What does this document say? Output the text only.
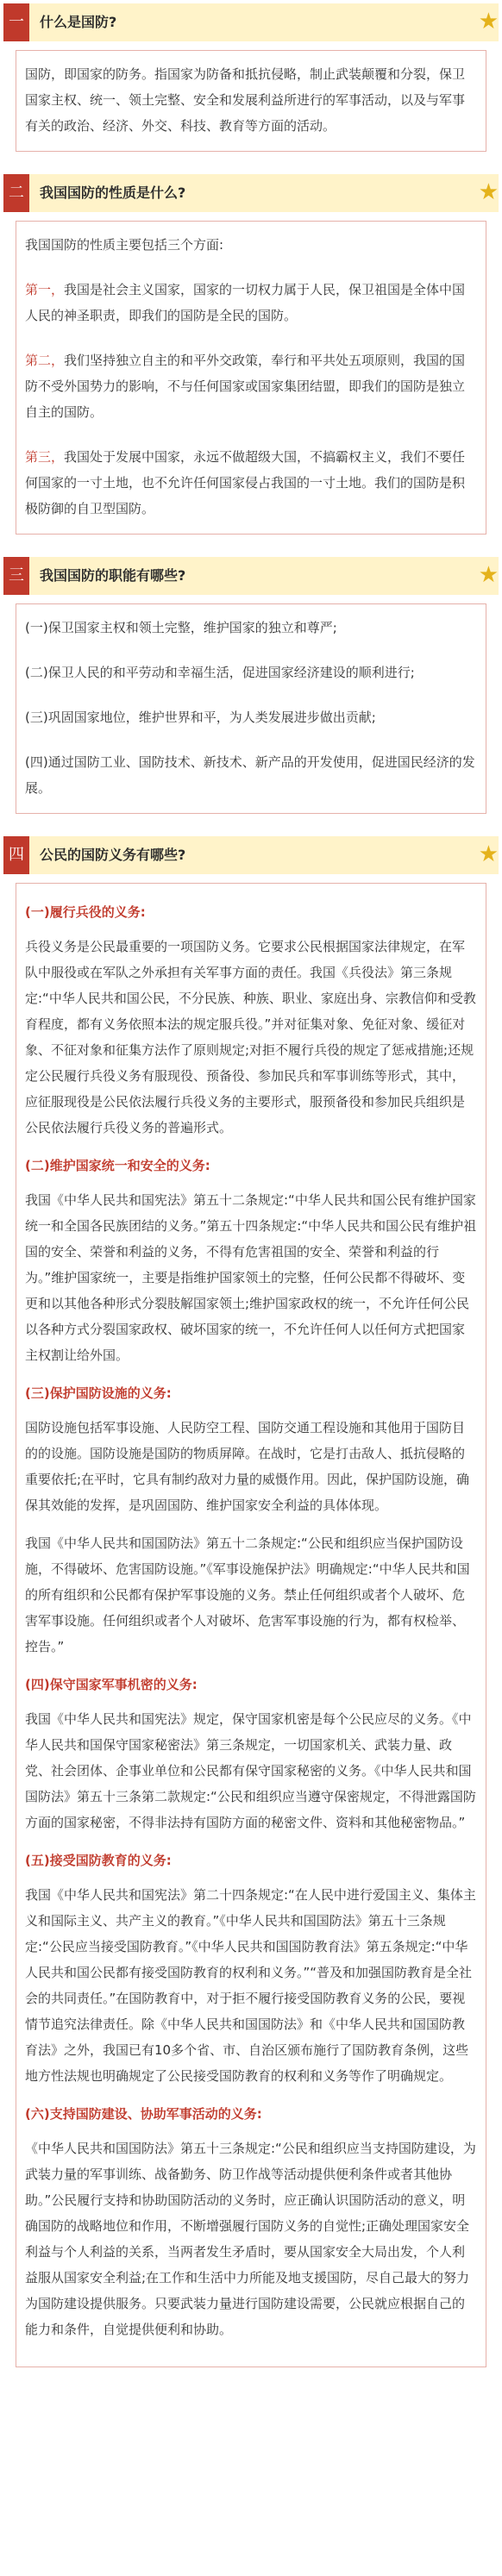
一	什么是国防?	★
国防，即国家的防务。指国家为防备和抵抗侵略，制止武装颠覆和分裂，保卫国家主权、统一、领土完整、安全和发展利益所进行的军事活动，以及与军事有关的政治、经济、外交、科技、教育等方面的活动。
二	我国国防的性质是什么?	★
我国国防的性质主要包括三个方面:
第一，我国是社会主义国家，国家的一切权力属于人民，保卫祖国是全体中国人民的神圣职责，即我们的国防是全民的国防。
第二，我们坚持独立自主的和平外交政策，奉行和平共处五项原则，我国的国防不受外国势力的影响，不与任何国家或国家集团结盟，即我们的国防是独立自主的国防。
第三，我国处于发展中国家，永远不做超级大国，不搞霸权主义，我们不要任何国家的一寸土地，也不允许任何国家侵占我国的一寸土地。我们的国防是积极防御的自卫型国防。
三	我国国防的职能有哪些?	★
(一)保卫国家主权和领土完整，维护国家的独立和尊严;
(二)保卫人民的和平劳动和幸福生活，促进国家经济建设的顺利进行;
(三)巩固国家地位，维护世界和平，为人类发展进步做出贡献;
(四)通过国防工业、国防技术、新技术、新产品的开发使用，促进国民经济的发展。
四	公民的国防义务有哪些?	★
(一)履行兵役的义务:
兵役义务是公民最重要的一项国防义务。它要求公民根据国家法律规定，在军队中服役或在军队之外承担有关军事方面的责任。我国《兵役法》第三条规定:“中华人民共和国公民，不分民族、种族、职业、家庭出身、宗教信仰和受教育程度，都有义务依照本法的规定服兵役。”并对征集对象、免征对象、缓征对象、不征对象和征集方法作了原则规定;对拒不履行兵役的规定了惩戒措施;还规定公民履行兵役义务有服现役、预备役、参加民兵和军事训练等形式，其中，应征服现役是公民依法履行兵役义务的主要形式，服预备役和参加民兵组织是公民依法履行兵役义务的普遍形式。
(二)维护国家统一和安全的义务:
我国《中华人民共和国宪法》第五十二条规定:“中华人民共和国公民有维护国家统一和全国各民族团结的义务。”第五十四条规定:“中华人民共和国公民有维护祖国的安全、荣誉和利益的义务，不得有危害祖国的安全、荣誉和利益的行为。”维护国家统一，主要是指维护国家领土的完整，任何公民都不得破坏、变更和以其他各种形式分裂肢解国家领土;维护国家政权的统一，不允许任何公民以各种方式分裂国家政权、破坏国家的统一，不允许任何人以任何方式把国家主权割让给外国。
(三)保护国防设施的义务:
国防设施包括军事设施、人民防空工程、国防交通工程设施和其他用于国防目的的设施。国防设施是国防的物质屏障。在战时，它是打击敌人、抵抗侵略的重要依托;在平时，它具有制约敌对力量的威慑作用。因此，保护国防设施，确保其效能的发挥，是巩固国防、维护国家安全利益的具体体现。
我国《中华人民共和国国防法》第五十二条规定:“公民和组织应当保护国防设施，不得破坏、危害国防设施。”《军事设施保护法》明确规定:“中华人民共和国的所有组织和公民都有保护军事设施的义务。禁止任何组织或者个人破坏、危害军事设施。任何组织或者个人对破坏、危害军事设施的行为，都有权检举、控告。”
(四)保守国家军事机密的义务:
我国《中华人民共和国宪法》规定，保守国家机密是每个公民应尽的义务。《中华人民共和国保守国家秘密法》第三条规定，一切国家机关、武装力量、政党、社会团体、企事业单位和公民都有保守国家秘密的义务。《中华人民共和国国防法》第五十三条第二款规定:“公民和组织应当遵守保密规定，不得泄露国防方面的国家秘密，不得非法持有国防方面的秘密文件、资料和其他秘密物品。”
(五)接受国防教育的义务:
我国《中华人民共和国宪法》第二十四条规定:“在人民中进行爱国主义、集体主义和国际主义、共产主义的教育。”《中华人民共和国国防法》第五十三条规定:“公民应当接受国防教育。”《中华人民共和国国防教育法》第五条规定:“中华人民共和国公民都有接受国防教育的权利和义务。”“普及和加强国防教育是全社会的共同责任。”在国防教育中，对于拒不履行接受国防教育义务的公民，要视情节追究法律责任。除《中华人民共和国国防法》和《中华人民共和国国防教育法》之外，我国已有10多个省、市、自治区颁布施行了国防教育条例，这些地方性法规也明确规定了公民接受国防教育的权利和义务等作了明确规定。
(六)支持国防建设、协助军事活动的义务:
《中华人民共和国国防法》第五十三条规定:“公民和组织应当支持国防建设，为武装力量的军事训练、战备勤务、防卫作战等活动提供便利条件或者其他协助。”公民履行支持和协助国防活动的义务时，应正确认识国防活动的意义，明确国防的战略地位和作用，不断增强履行国防义务的自觉性;正确处理国家安全利益与个人利益的关系，当两者发生矛盾时，要从国家安全大局出发，个人利益服从国家安全利益;在工作和生活中力所能及地支援国防，尽自己最大的努力为国防建设提供服务。只要武装力量进行国防建设需要，公民就应根据自己的能力和条件，自觉提供便利和协助。
